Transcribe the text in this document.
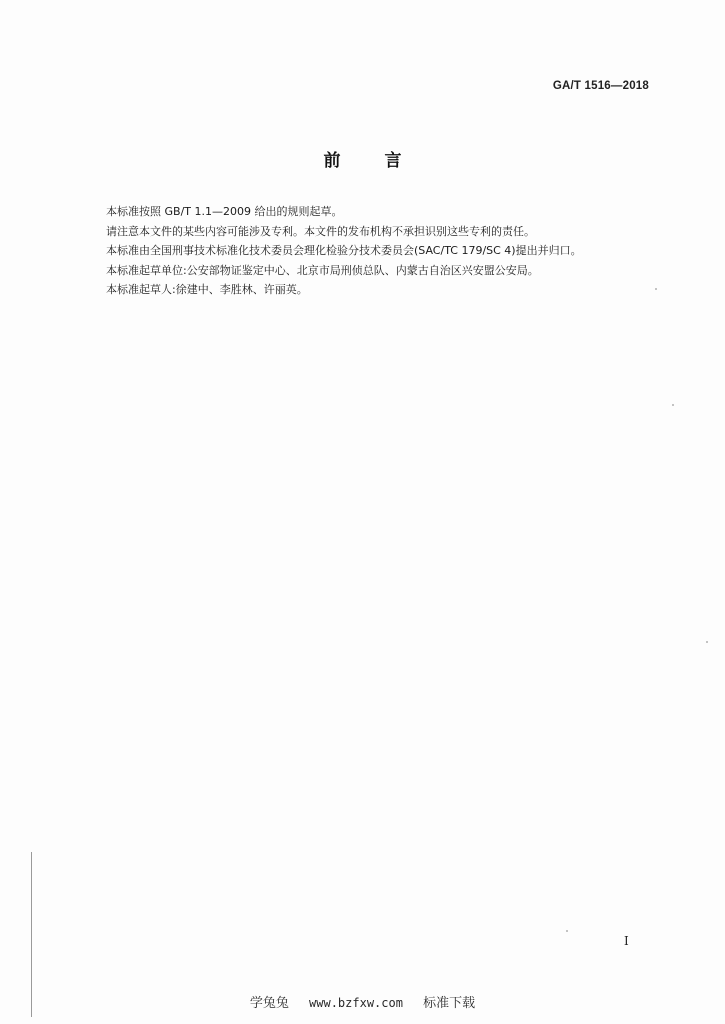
GA/T 1516—2018
前	言

本标准按照 GB/T 1.1—2009 给出的规则起草。

请注意本文件的某些内容可能涉及专利。本文件的发布机构不承担识别这些专利的责任。

本标准由全国刑事技术标准化技术委员会理化检验分技术委员会(SAC/TC 179/SC 4)提出并归口。

本标准起草单位:公安部物证鉴定中心、北京市局刑侦总队、内蒙古自治区兴安盟公安局。

本标准起草人:徐建中、李胜林、许丽英。

I
学兔兔 www.bzfxw.com 标准下载
